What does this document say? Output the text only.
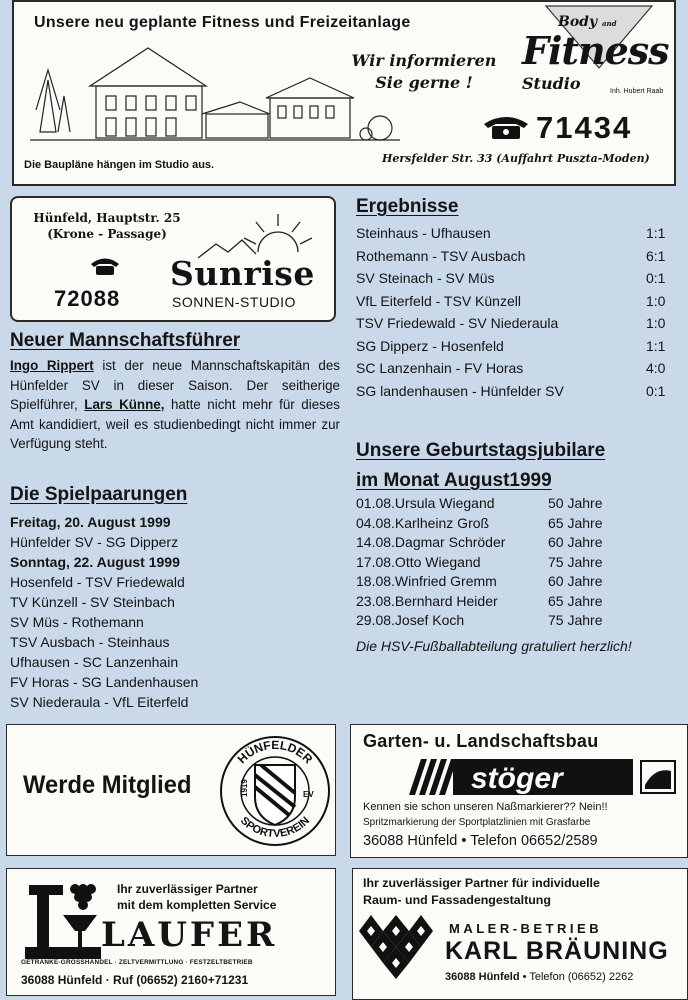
Unsere neu geplante Fitness und Freizeitanlage
Wir informieren
Sie gerne !
Body and
Fitness
Studio	Inh. Hubert Raab
71434
Die Baupläne hängen im Studio aus.	Hersfelder Str. 33 (Auffahrt Puszta-Moden)
Hünfeld, Hauptstr. 25
(Krone - Passage)
72088
Sunrise
SONNEN-STUDIO
Neuer Mannschaftsführer
Ingo Rippert ist der neue Mannschaftskapitän des Hünfelder SV in dieser Saison. Der seitherige Spielführer, Lars Künne, hatte nicht mehr für dieses Amt kandidiert, weil es studienbedingt nicht immer zur Verfügung steht.
Die Spielpaarungen
Freitag, 20. August 1999
Hünfelder SV - SG Dipperz
Sonntag, 22. August 1999
Hosenfeld - TSV Friedewald
TV Künzell - SV Steinbach
SV Müs - Rothemann
TSV Ausbach - Steinhaus
Ufhausen - SC Lanzenhain
FV Horas - SG Landenhausen
SV Niederaula - VfL Eiterfeld
Ergebnisse
Steinhaus - Ufhausen	1:1
Rothemann - TSV Ausbach	6:1
SV Steinach - SV Müs	0:1
VfL Eiterfeld - TSV Künzell	1:0
TSV Friedewald - SV Niederaula	1:0
SG Dipperz - Hosenfeld	1:1
SC Lanzenhain - FV Horas	4:0
SG landenhausen - Hünfelder SV	0:1
Unsere Geburtstagsjubilare
im Monat August1999
01.08.Ursula Wiegand	50 Jahre
04.08.Karlheinz Groß	65 Jahre
14.08.Dagmar Schröder	60 Jahre
17.08.Otto Wiegand	75 Jahre
18.08.Winfried Gremm	60 Jahre
23.08.Bernhard Heider	65 Jahre
29.08.Josef Koch	75 Jahre
Die HSV-Fußballabteilung gratuliert herzlich!
Werde Mitglied
HÜNFELDER
SPORTVEREIN
1919	EV
Garten- u. Landschaftsbau
stöger
Kennen sie schon unseren Naßmarkierer?? Nein!!
Spritzmarkierung der Sportplatzlinien mit Grasfarbe
36088 Hünfeld • Telefon 06652/2589
Ihr zuverlässiger Partner
mit dem kompletten Service
LAUFER
GETRÄNKE-GROSSHANDEL · ZELTVERMITTLUNG · FESTZELTBETRIEB
36088 Hünfeld · Ruf (06652) 2160+71231
Ihr zuverlässiger Partner für individuelle
Raum- und Fassadengestaltung
MALER-BETRIEB
KARL BRÄUNING
36088 Hünfeld • Telefon (06652) 2262
